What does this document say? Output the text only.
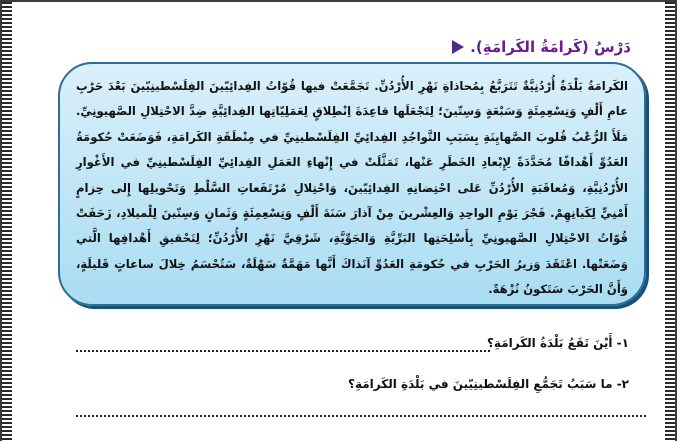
دَرْسُ (كَرامَةُ الكَرامَةِ).
الكَرامَةُ بَلْدَةٌ أُرْدُنِيَّةٌ تَتَرَبَّعُ بِمُحاذاةِ نَهْرِ الأُرْدُنِّ. تَجَمَّعَتْ فيها قُوّاتُ الفِدائِيّينَ الفِلَسْطينِيّينَ بَعْدَ حَرْبِ عامِ أَلْفٍ وَتِسْعِمِئَةٍ وَسَبْعَةٍ وَسِتّينَ؛ لِتَجْعَلَها قاعِدَةَ اِنْطِلاقٍ لِعَمَلِيّاتِها الفِدائِيَّةِ ضِدَّ الاحْتِلالِ الصَّهيونِيِّ. مَلَأَ الرُّعْبُ قُلوبَ الصَّهايِنَةِ بِسَبَبِ التَّواجُدِ الفِدائِيِّ الفِلَسْطينِيِّ في مِنْطَقَةِ الكَرامَةِ، فَوَضَعَتْ حُكومَةُ العَدُوِّ أَهْدافًا مُحَدَّدَةً لِإِبْعادِ الخَطَرِ عَنْها، تَمَثَّلَتْ في إِنْهاءِ العَمَلِ الفِدائِيِّ الفِلَسْطينِيِّ في الأَغْوارِ الأُرْدُنِيَّةِ، وَمُعاقَبَةِ الأُرْدُنِّ عَلى احْتِضانِهِ الفِدائِيّينَ، وَاحْتِلالِ مُرْتَفَعاتِ السَّلْطِ وَتَحْويلِها إِلى حِزامٍ أَمْنِيٍّ لِكَيانِهِمْ. فَجْرَ يَوْمِ الواحِدِ وَالعِشْرينَ مِنْ آذارَ سَنَةَ أَلْفٍ وَتِسْعِمِئَةٍ وَثَمانٍ وَسِتّينَ لِلْميلادِ، زَحَفَتْ قُوّاتُ الاحْتِلالِ الصَّهيونِيِّ بِأَسْلِحَتِها البَرِّيَّةِ وَالجَوِّيَّةِ، شَرْقِيَّ نَهْرِ الأُرْدُنِّ؛ لِتَحْقيقِ أَهْدافِها الَّتي وَضَعَتْها. اعْتَقَدَ وَزيرُ الحَرْبِ في حُكومَةِ العَدُوِّ آنَذاكَ أَنَّها مَهَمَّةٌ سَهْلَةٌ، سَتُحْسَمُ خِلالَ ساعاتٍ قَليلَةٍ، وَأَنَّ الحَرْبَ سَتَكونُ نُزْهَةً.
١- أَيْنَ تَقَعُ بَلْدَةُ الكَرامَةِ؟
٢- ما سَبَبُ تَجَمُّعِ الفِلَسْطينِيّينَ في بَلْدَةِ الكَرامَةِ؟
